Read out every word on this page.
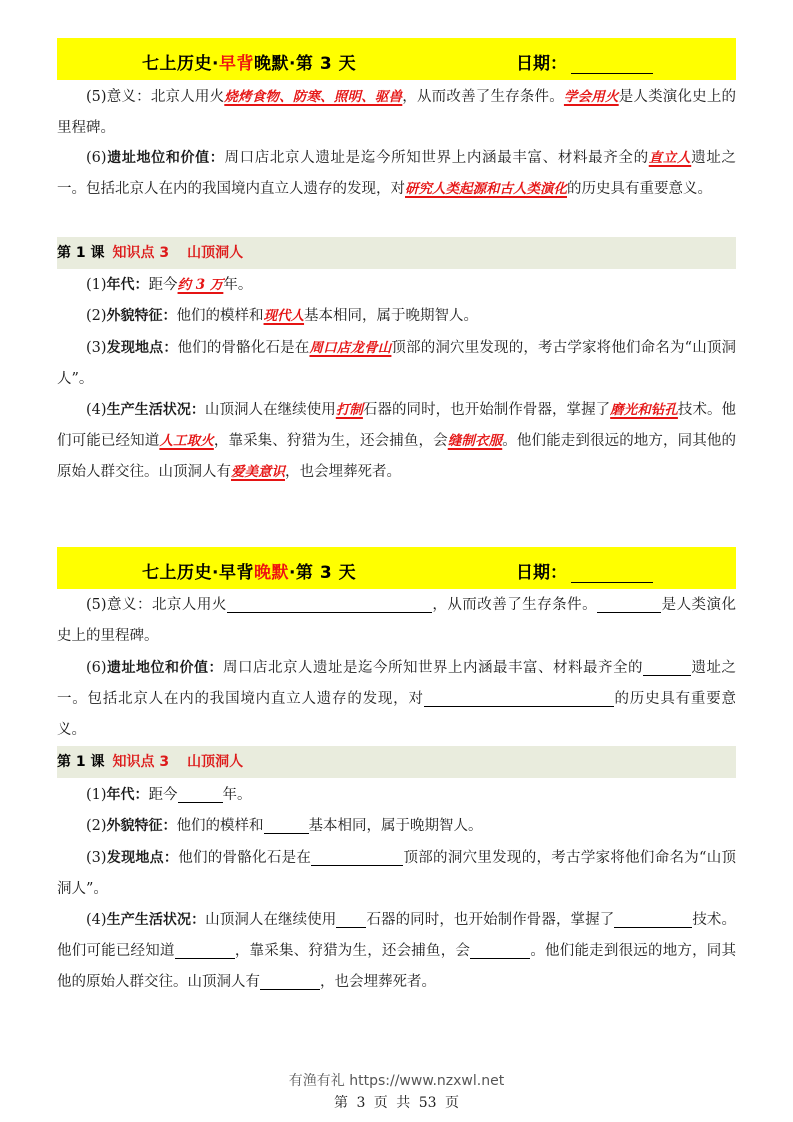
七上历史·早背晚默·第 3 天	日期：
(5)意义：北京人用火烧烤食物、防寒、照明、驱兽，从而改善了生存条件。学会用火是人类演化史上的里程碑。
(6)遗址地位和价值：周口店北京人遗址是迄今所知世界上内涵最丰富、材料最齐全的直立人遗址之一。包括北京人在内的我国境内直立人遗存的发现，对研究人类起源和古人类演化的历史具有重要意义。
第 1 课 知识点 3 山顶洞人
(1)年代：距今约 3 万年。
(2)外貌特征：他们的模样和现代人基本相同，属于晚期智人。
(3)发现地点：他们的骨骼化石是在周口店龙骨山顶部的洞穴里发现的，考古学家将他们命名为“山顶洞人”。
(4)生产生活状况：山顶洞人在继续使用打制石器的同时，也开始制作骨器，掌握了磨光和钻孔技术。他们可能已经知道人工取火，靠采集、狩猎为生，还会捕鱼，会缝制衣服。他们能走到很远的地方，同其他的原始人群交往。山顶洞人有爱美意识，也会埋葬死者。
七上历史·早背晚默·第 3 天	日期：
(5)意义：北京人用火	，从而改善了生存条件。	是人类演化史上的里程碑。
(6)遗址地位和价值：周口店北京人遗址是迄今所知世界上内涵最丰富、材料最齐全的	遗址之一。包括北京人在内的我国境内直立人遗存的发现，对	的历史具有重要意义。
第 1 课 知识点 3 山顶洞人
(1)年代：距今	年。
(2)外貌特征：他们的模样和	基本相同，属于晚期智人。
(3)发现地点：他们的骨骼化石是在	顶部的洞穴里发现的，考古学家将他们命名为“山顶洞人”。
(4)生产生活状况：山顶洞人在继续使用 石器的同时，也开始制作骨器，掌握了	技术。他们可能已经知道	，靠采集、狩猎为生，还会捕鱼，会	。他们能走到很远的地方，同其他的原始人群交往。山顶洞人有	，也会埋葬死者。
有渔有礼 https://www.nzxwl.net
第 3 页 共 53 页
